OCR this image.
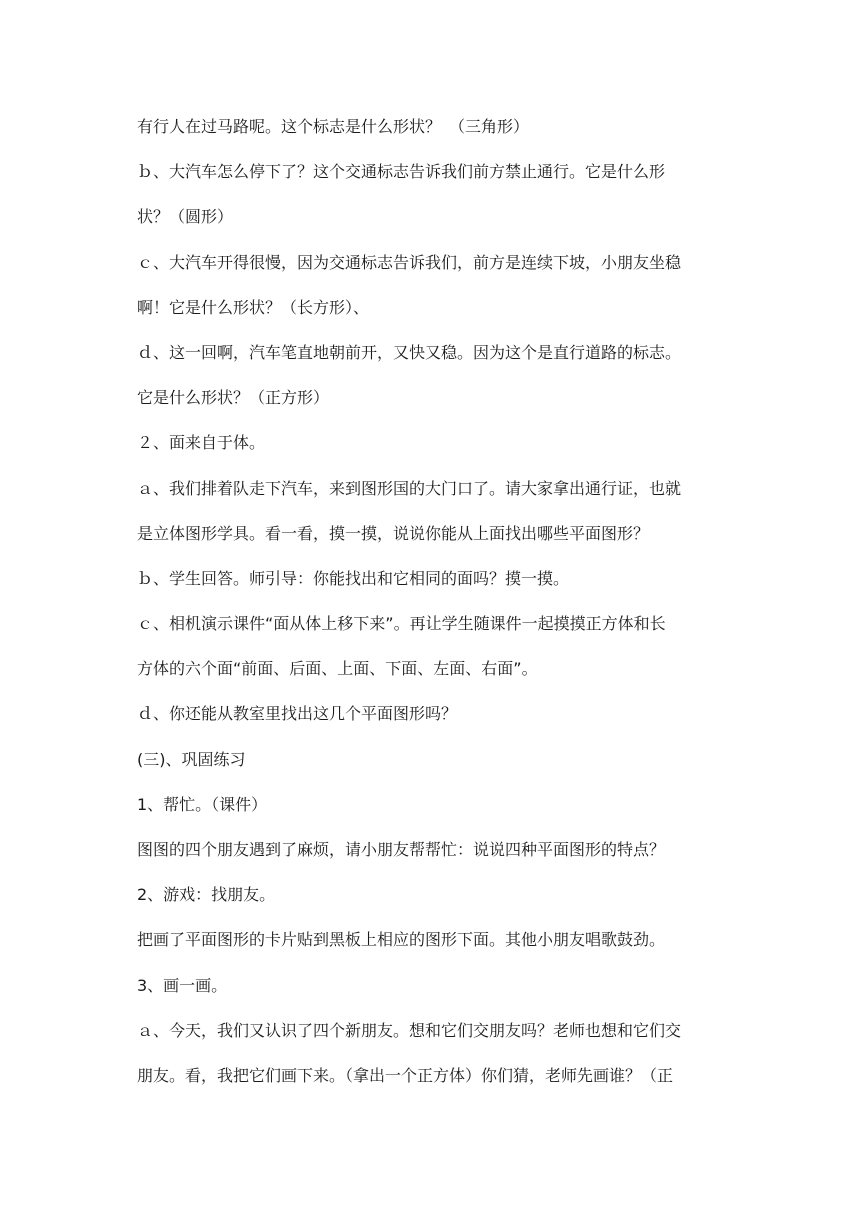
有行人在过马路呢。这个标志是什么形状？　（三角形）
ｂ、大汽车怎么停下了？这个交通标志告诉我们前方禁止通行。它是什么形
状？（圆形）
ｃ、大汽车开得很慢，因为交通标志告诉我们，前方是连续下坡，小朋友坐稳
啊！它是什么形状？（长方形）、
ｄ、这一回啊，汽车笔直地朝前开，又快又稳。因为这个是直行道路的标志。
它是什么形状？（正方形）
２、面来自于体。
ａ、我们排着队走下汽车，来到图形国的大门口了。请大家拿出通行证，也就
是立体图形学具。看一看，摸一摸，说说你能从上面找出哪些平面图形？
ｂ、学生回答。师引导：你能找出和它相同的面吗？摸一摸。
ｃ、相机演示课件“面从体上移下来”。再让学生随课件一起摸摸正方体和长
方体的六个面“前面、后面、上面、下面、左面、右面”。
ｄ、你还能从教室里找出这几个平面图形吗？
(三)、巩固练习
1、帮忙。（课件）
图图的四个朋友遇到了麻烦，请小朋友帮帮忙：说说四种平面图形的特点？
2、游戏：找朋友。
把画了平面图形的卡片贴到黑板上相应的图形下面。其他小朋友唱歌鼓劲。
3、画一画。
ａ、今天，我们又认识了四个新朋友。想和它们交朋友吗？老师也想和它们交
朋友。看，我把它们画下来。（拿出一个正方体）你们猜，老师先画谁？（正
